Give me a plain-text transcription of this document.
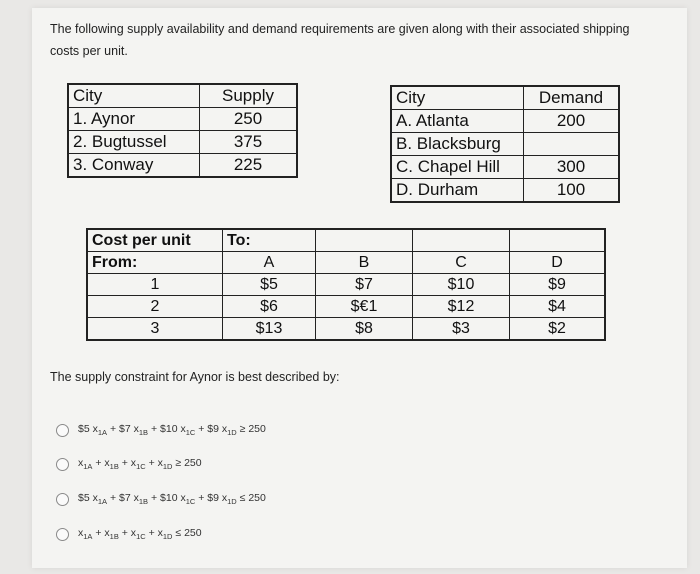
The following supply availability and demand requirements are given along with their associated shipping costs per unit.
City	Supply
1. Aynor	250
2. Bugtussel	375
3. Conway	225
City	Demand
A. Atlanta	200
B. Blacksburg	
C. Chapel Hill	300
D. Durham	100
Cost per unit	To:			
From:	A	B	C	D
1	$5	$7	$10	$9
2	$6	$€1	$12	$4
3	$13	$8	$3	$2
The supply constraint for Aynor is best described by:
$5 $x_{1A}$ + $7 $x_{1B}$ + $10 $x_{1C}$ + $9 $x_{1D} \ge 250$
$x_{1A} + x_{1B} + x_{1C} + x_{1D} \ge 250$
$5 $x_{1A}$ + $7 $x_{1B}$ + $10 $x_{1C}$ + $9 $x_{1D} \le 250$
$x_{1A} + x_{1B} + x_{1C} + x_{1D} \le 250$
